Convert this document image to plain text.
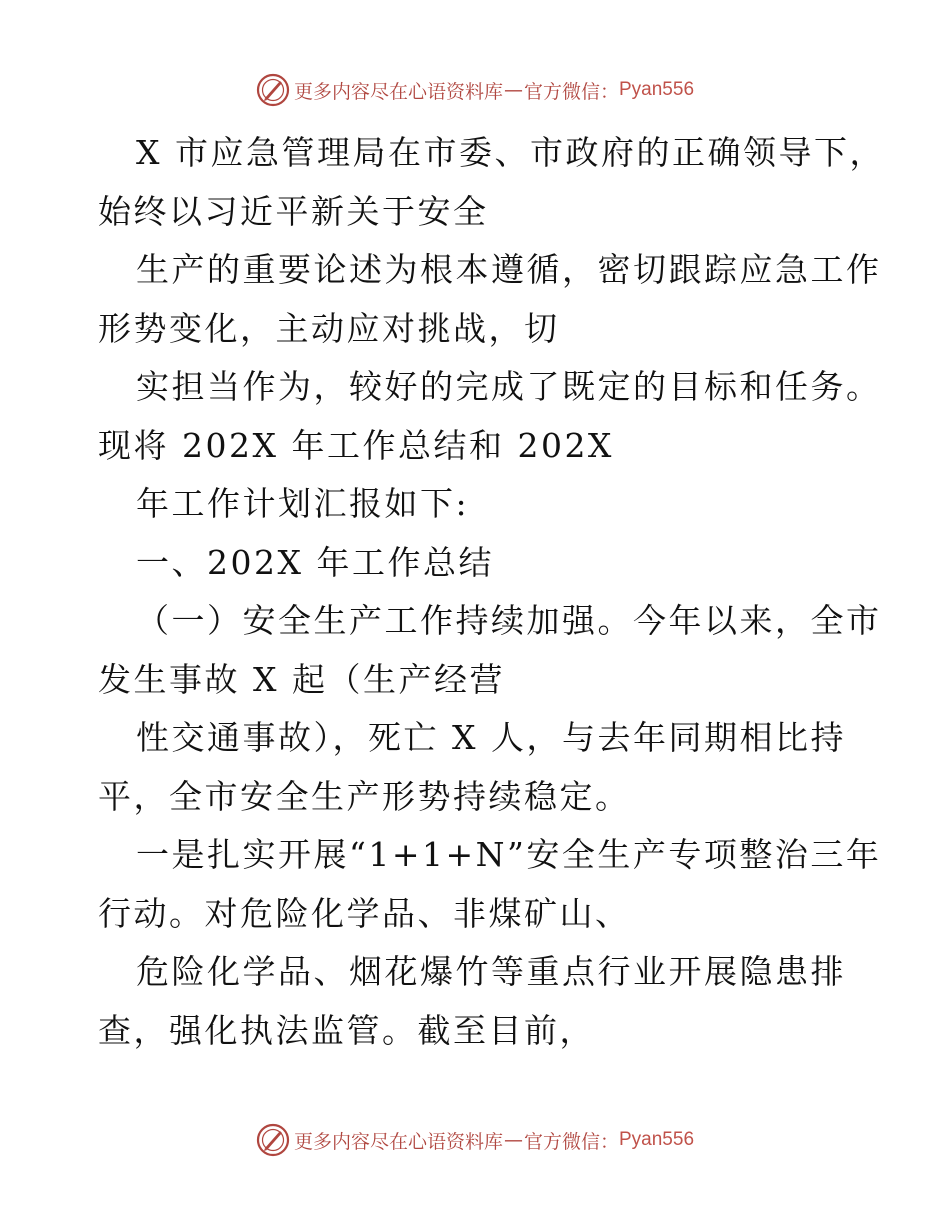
更多内容尽在心语资料库 — 官方微信： Pyan556
X 市应急管理局在市委、市政府的正确领导下，
始终以习近平新关于安全
生产的重要论述为根本遵循，密切跟踪应急工作
形势变化，主动应对挑战，切
实担当作为，较好的完成了既定的目标和任务。
现将 202X 年工作总结和 202X
年工作计划汇报如下:
一、202X 年工作总结
（一）安全生产工作持续加强。今年以来，全市
发生事故 X 起（生产经营
性交通事故），死亡 X 人，与去年同期相比持
平，全市安全生产形势持续稳定。
一是扎实开展“1+1+N”安全生产专项整治三年
行动。对危险化学品、非煤矿山、
危险化学品、烟花爆竹等重点行业开展隐患排
查，强化执法监管。截至目前，
更多内容尽在心语资料库 — 官方微信： Pyan556
